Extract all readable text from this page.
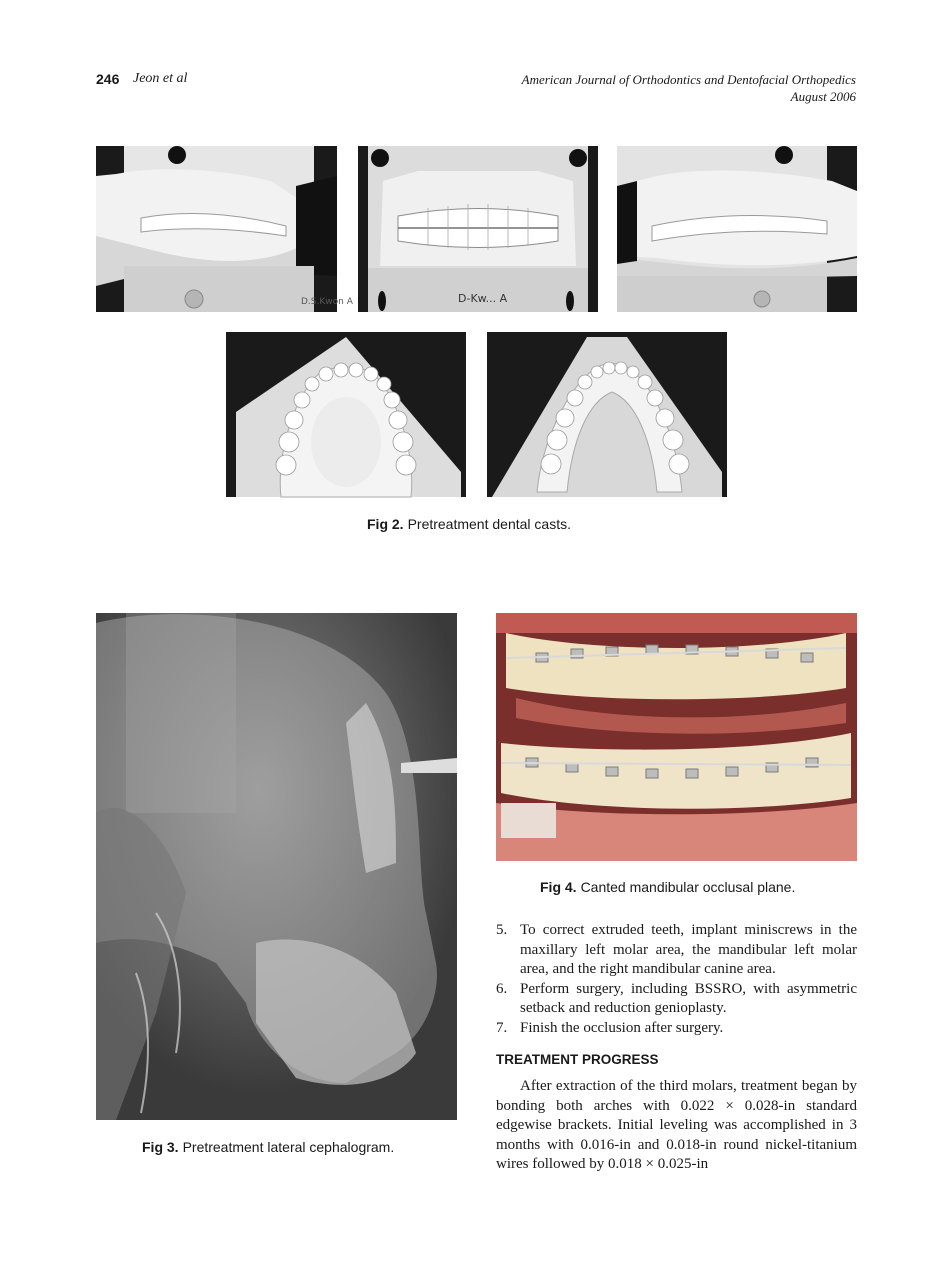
246 Jeon et al	American Journal of Orthodontics and Dentofacial Orthopedics
August 2006
D.S.Kwon A	D-Kw... A
Fig 2. Pretreatment dental casts.
Fig 3. Pretreatment lateral cephalogram.
Fig 4. Canted mandibular occlusal plane.
5. To correct extruded teeth, implant miniscrews in the maxillary left molar area, the mandibular left molar area, and the right mandibular canine area.
6. Perform surgery, including BSSRO, with asymmetric setback and reduction genioplasty.
7. Finish the occlusion after surgery.
TREATMENT PROGRESS

After extraction of the third molars, treatment began by bonding both arches with 0.022 × 0.028-in standard edgewise brackets. Initial leveling was accomplished in 3 months with 0.016-in and 0.018-in round nickel-titanium wires followed by 0.018 × 0.025-in
